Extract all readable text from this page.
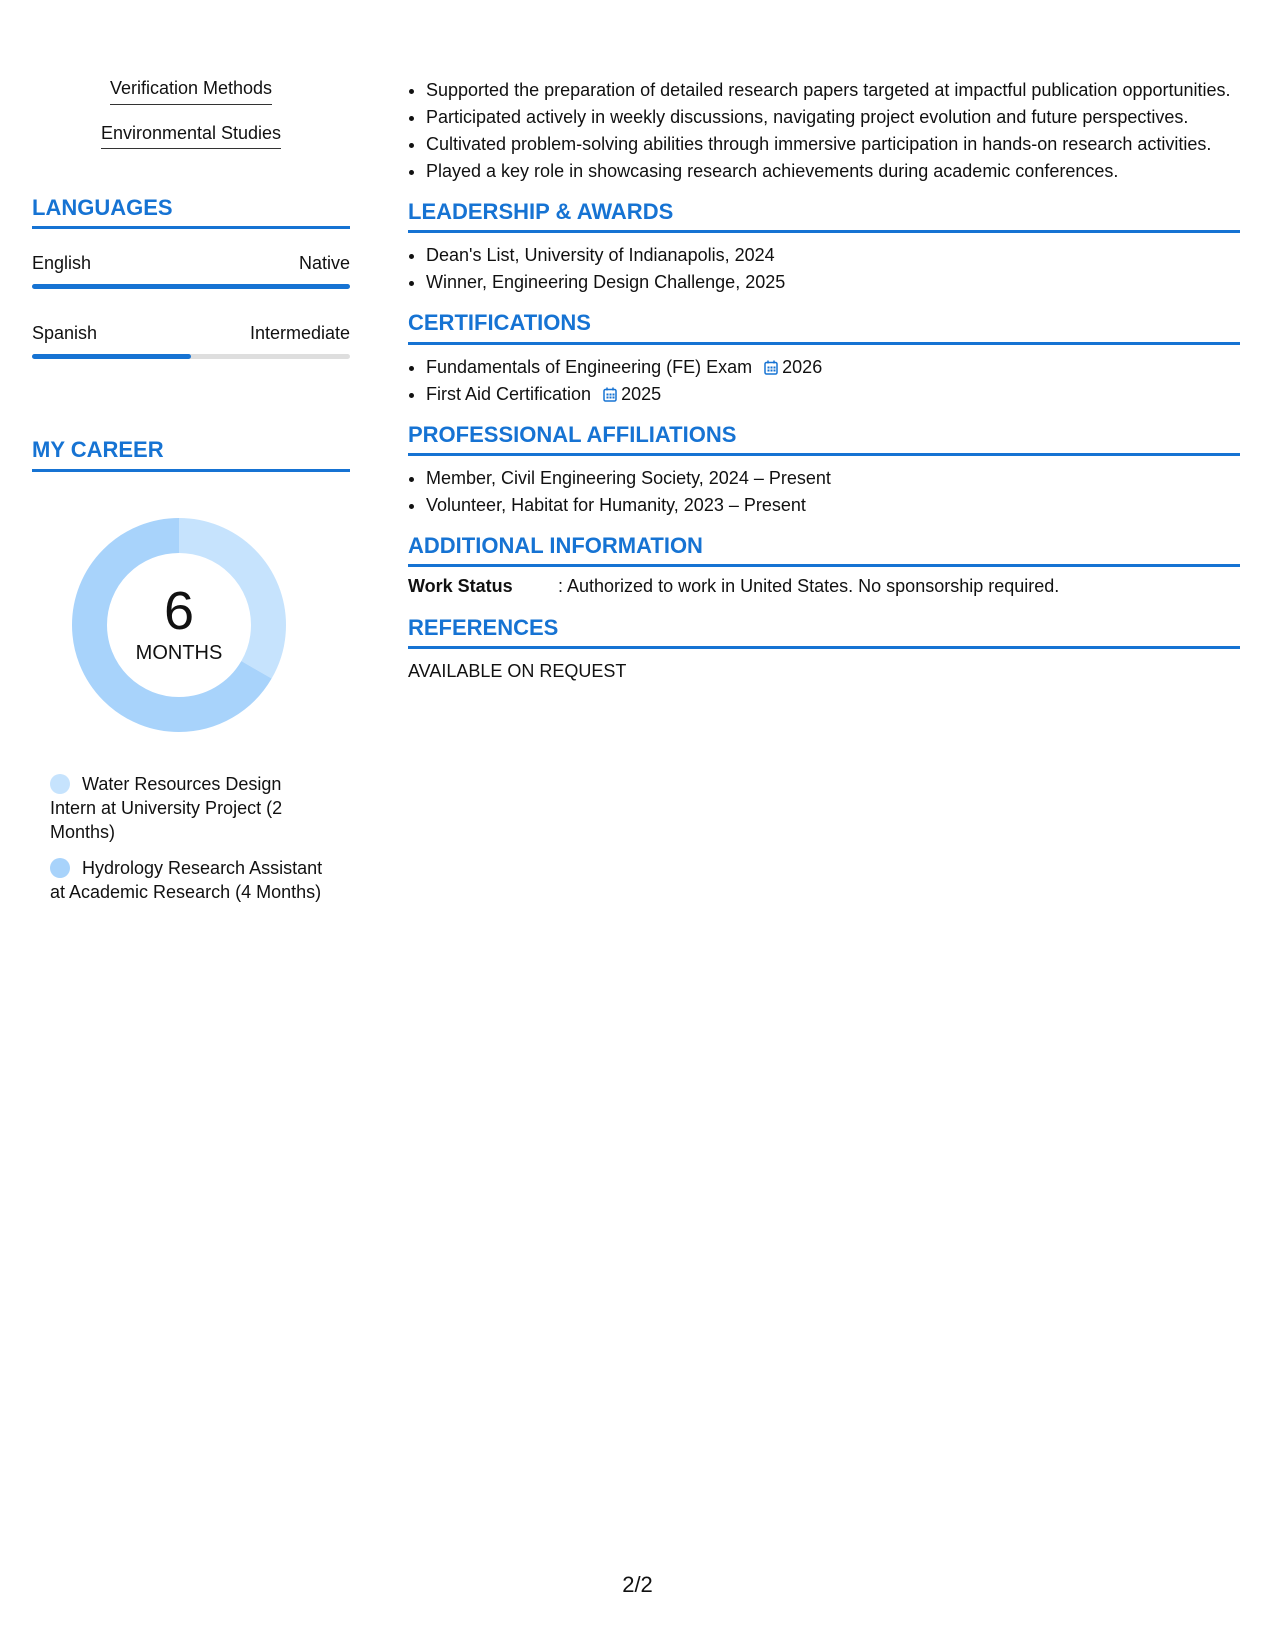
Verification Methods
Environmental Studies
LANGUAGES
English	Native
Spanish	Intermediate
MY CAREER
6
MONTHS
Water Resources Design Intern at University Project (2 Months)
Hydrology Research Assistant at Academic Research (4 Months)
• Supported the preparation of detailed research papers targeted at impactful publication opportunities.
• Participated actively in weekly discussions, navigating project evolution and future perspectives.
• Cultivated problem-solving abilities through immersive participation in hands-on research activities.
• Played a key role in showcasing research achievements during academic conferences.
LEADERSHIP & AWARDS
• Dean's List, University of Indianapolis, 2024
• Winner, Engineering Design Challenge, 2025
CERTIFICATIONS
• Fundamentals of Engineering (FE) Exam 2026
• First Aid Certification 2025
PROFESSIONAL AFFILIATIONS
• Member, Civil Engineering Society, 2024 – Present
• Volunteer, Habitat for Humanity, 2023 – Present
ADDITIONAL INFORMATION
Work Status	: Authorized to work in United States. No sponsorship required.
REFERENCES
AVAILABLE ON REQUEST
2/2
